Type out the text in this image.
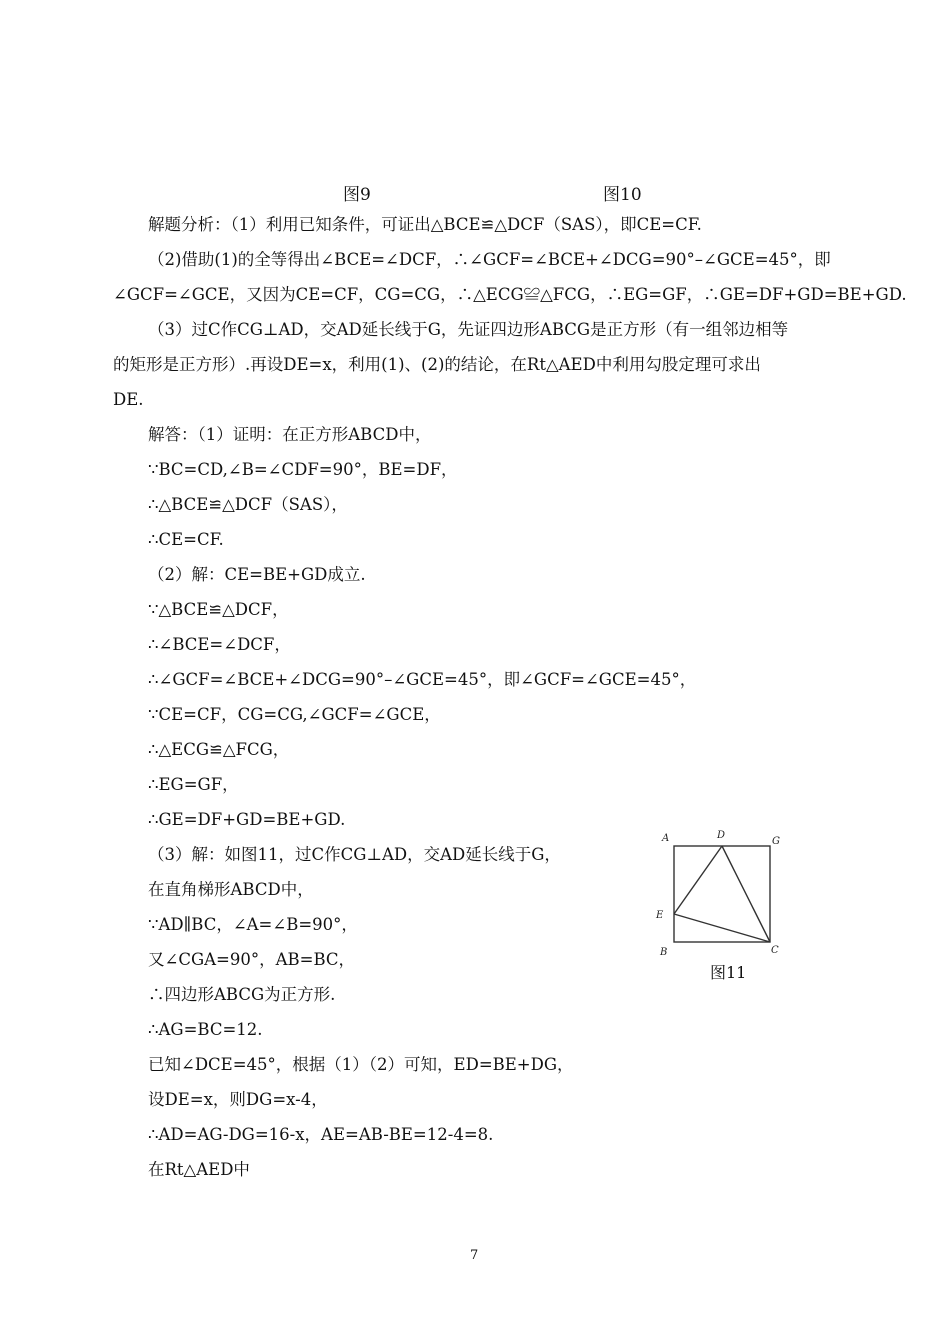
图9	图10
解题分析：（1）利用已知条件，可证出△BCE≌△DCF（SAS），即CE=CF.
（2)借助(1)的全等得出∠BCE=∠DCF，∴∠GCF=∠BCE+∠DCG=90°–∠GCE=45°，即
∠GCF=∠GCE，又因为CE=CF，CG=CG，∴△ECG≌△FCG，∴EG=GF，∴GE=DF+GD=BE+GD.
（3）过C作CG⊥AD，交AD延长线于G，先证四边形ABCG是正方形（有一组邻边相等
的矩形是正方形）.再设DE=x，利用(1)、(2)的结论，在Rt△AED中利用勾股定理可求出
DE.
解答：（1）证明：在正方形ABCD中，
∵BC=CD,∠B=∠CDF=90°，BE=DF，
∴△BCE≌△DCF（SAS），
∴CE=CF.
（2）解：CE=BE+GD成立.
∵△BCE≌△DCF，
∴∠BCE=∠DCF，
∴∠GCF=∠BCE+∠DCG=90°–∠GCE=45°，即∠GCF=∠GCE=45°，
∵CE=CF，CG=CG,∠GCF=∠GCE，
∴△ECG≌△FCG，
∴EG=GF，
∴GE=DF+GD=BE+GD.
（3）解：如图11，过C作CG⊥AD，交AD延长线于G，
在直角梯形ABCD中，
∵AD∥BC，∠A=∠B=90°，
又∠CGA=90°，AB=BC，
∴四边形ABCG为正方形.
∴AG=BC=12.
已知∠DCE=45°，根据（1）（2）可知，ED=BE+DG，
设DE=x，则DG=x-4，
∴AD=AG-DG=16-x，AE=AB-BE=12-4=8.
在Rt△AED中
A	D
G
E
B	C
图11
7
